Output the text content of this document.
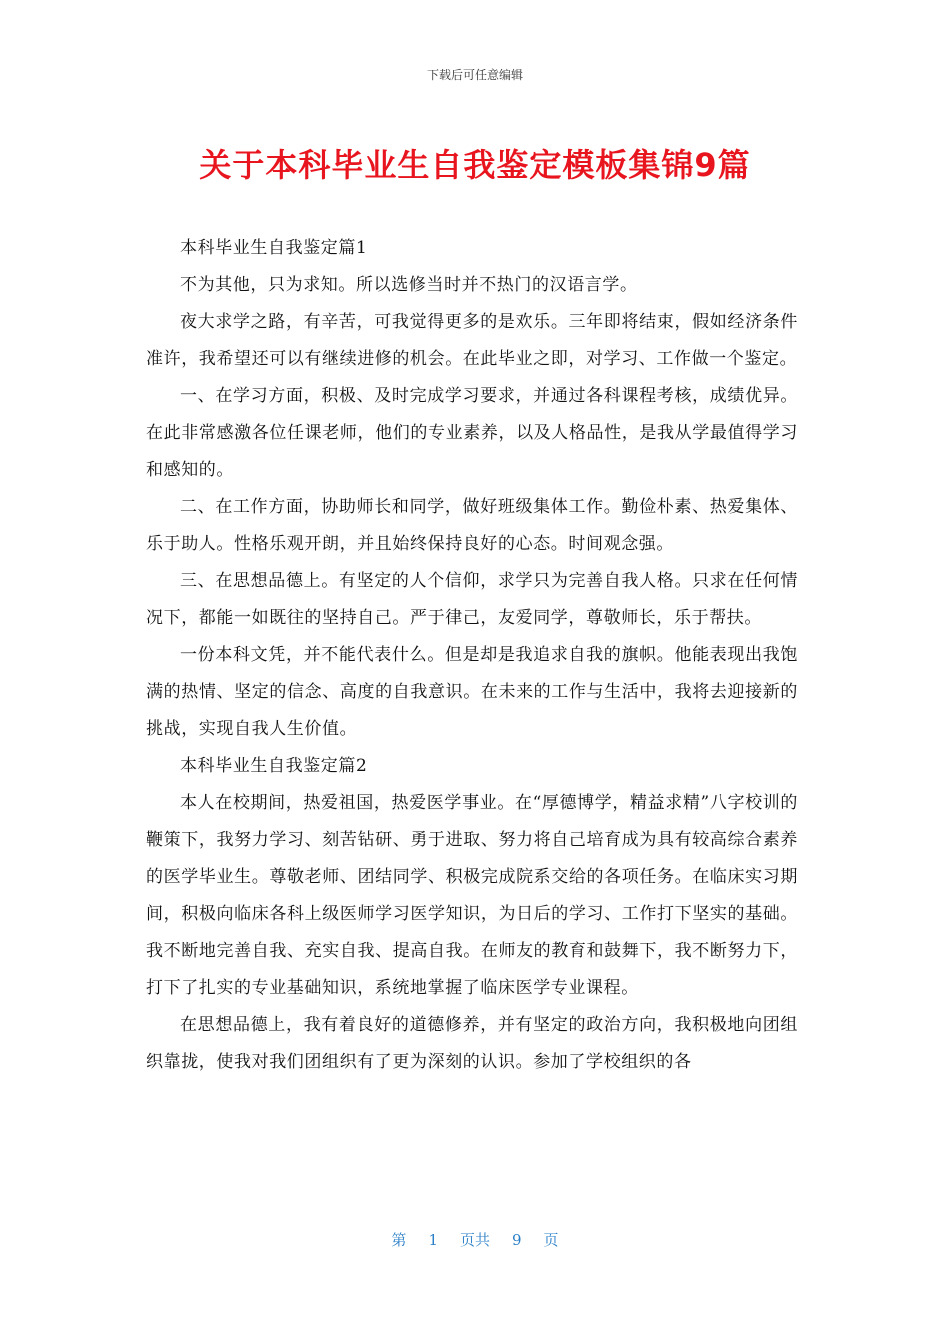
下载后可任意编辑
关于本科毕业生自我鉴定模板集锦9篇

本科毕业生自我鉴定篇1

不为其他，只为求知。所以选修当时并不热门的汉语言学。

夜大求学之路，有辛苦，可我觉得更多的是欢乐。三年即将结束，假如经济条件准许，我希望还可以有继续进修的机会。在此毕业之即，对学习、工作做一个鉴定。

一、在学习方面，积极、及时完成学习要求，并通过各科课程考核，成绩优异。在此非常感激各位任课老师，他们的专业素养，以及人格品性，是我从学最值得学习和感知的。

二、在工作方面，协助师长和同学，做好班级集体工作。勤俭朴素、热爱集体、乐于助人。性格乐观开朗，并且始终保持良好的心态。时间观念强。

三、在思想品德上。有坚定的人个信仰，求学只为完善自我人格。只求在任何情况下，都能一如既往的坚持自己。严于律己，友爱同学，尊敬师长，乐于帮扶。

一份本科文凭，并不能代表什么。但是却是我追求自我的旗帜。他能表现出我饱满的热情、坚定的信念、高度的自我意识。在未来的工作与生活中，我将去迎接新的挑战，实现自我人生价值。

本科毕业生自我鉴定篇2

本人在校期间，热爱祖国，热爱医学事业。在“厚德博学，精益求精”八字校训的鞭策下，我努力学习、刻苦钻研、勇于进取、努力将自己培育成为具有较高综合素养的医学毕业生。尊敬老师、团结同学、积极完成院系交给的各项任务。在临床实习期间，积极向临床各科上级医师学习医学知识，为日后的学习、工作打下坚实的基础。我不断地完善自我、充实自我、提高自我。在师友的教育和鼓舞下，我不断努力下，打下了扎实的专业基础知识，系统地掌握了临床医学专业课程。

在思想品德上，我有着良好的道德修养，并有坚定的政治方向，我积极地向团组织靠拢，使我对我们团组织有了更为深刻的认识。参加了学校组织的各

第 1 页共 9 页
